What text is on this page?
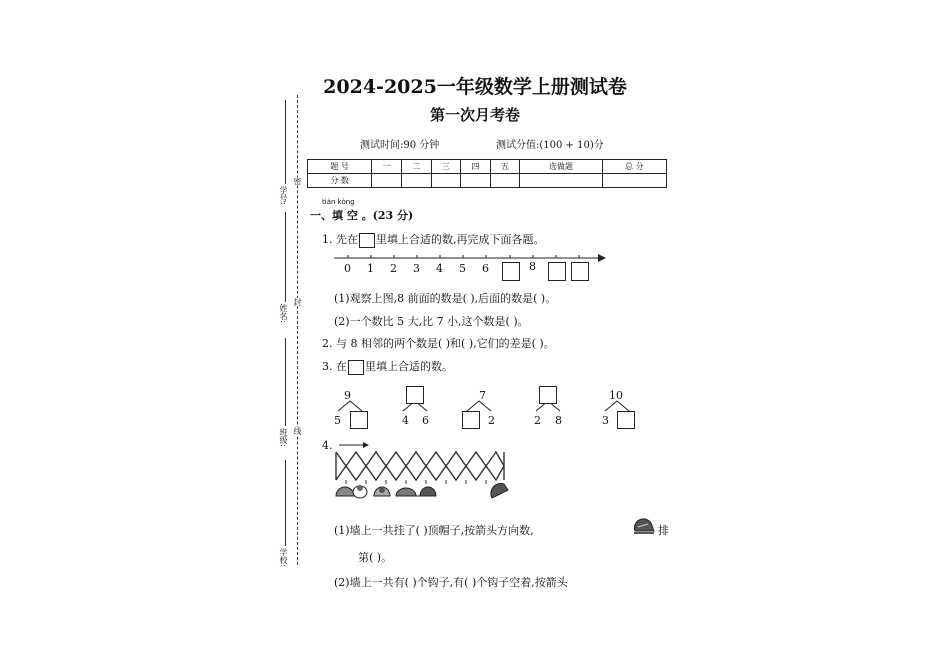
学号:
姓名:
班级:
学校:
密
封
线
2024-2025一年级数学上册测试卷
第一次月考卷
测试时间:90 分钟	测试分值:(100 + 10)分
题 号	一	二	三	四	五	选做题	总 分
分 数							
tián kòng
一、填 空 。(23 分)
1. 先在 里填上合适的数,再完成下面各题。
0 1 2 3 4 5 6	8
(1)观察上图,8 前面的数是( ),后面的数是( )。
(2)一个数比 5 大,比 7 小,这个数是( )。
2. 与 8 相邻的两个数是( )和( ),它们的差是( )。
3. 在 里填上合适的数。
9
5	4 6
7
2	2 8
10
3
4.
(1)墙上一共挂了( )顶帽子,按箭头方向数,	排
第( )。
(2)墙上一共有( )个钩子,有( )个钩子空着,按箭头
